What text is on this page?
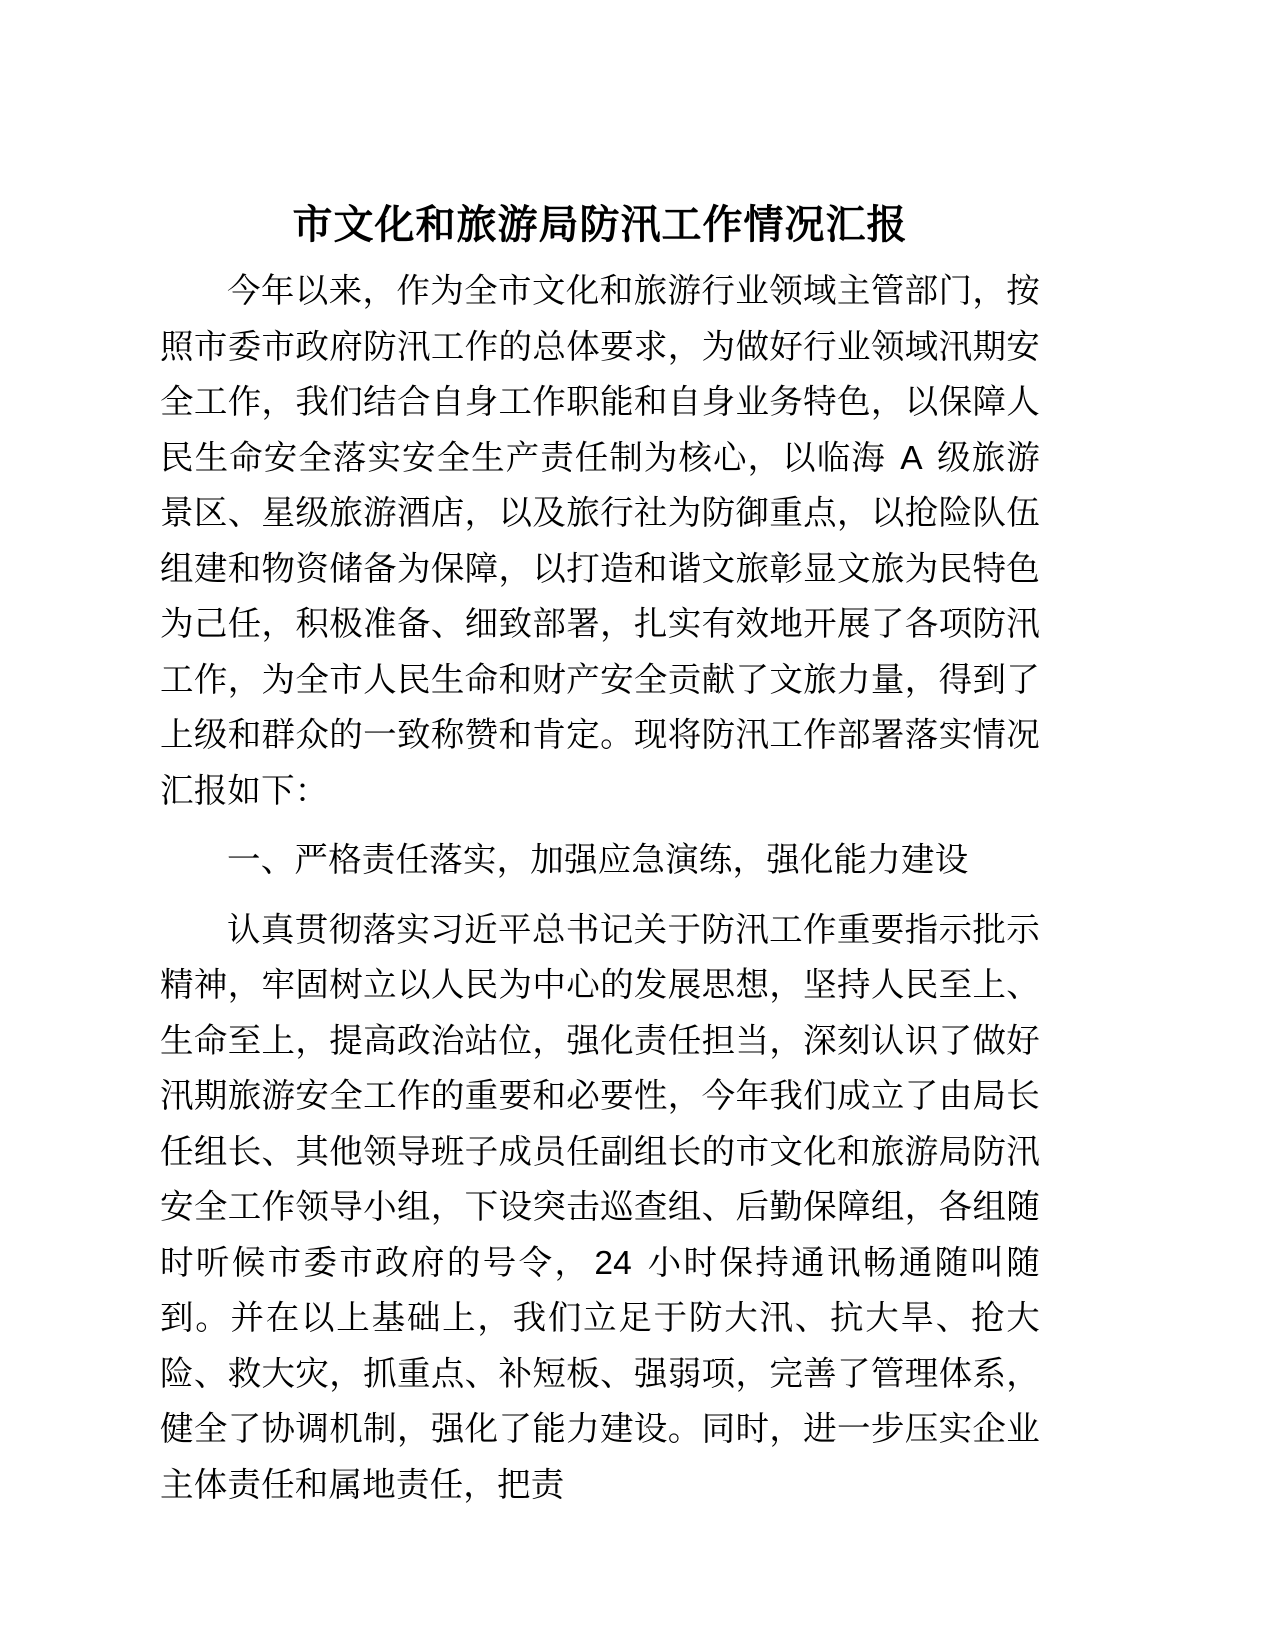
市文化和旅游局防汛工作情况汇报

今年以来，作为全市文化和旅游行业领域主管部门，按照市委市政府防汛工作的总体要求，为做好行业领域汛期安全工作，我们结合自身工作职能和自身业务特色，以保障人民生命安全落实安全生产责任制为核心，以临海 A 级旅游景区、星级旅游酒店，以及旅行社为防御重点，以抢险队伍组建和物资储备为保障，以打造和谐文旅彰显文旅为民特色为己任，积极准备、细致部署，扎实有效地开展了各项防汛工作，为全市人民生命和财产安全贡献了文旅力量，得到了上级和群众的一致称赞和肯定。现将防汛工作部署落实情况汇报如下：

一、严格责任落实，加强应急演练，强化能力建设

认真贯彻落实习近平总书记关于防汛工作重要指示批示精神，牢固树立以人民为中心的发展思想，坚持人民至上、生命至上，提高政治站位，强化责任担当，深刻认识了做好汛期旅游安全工作的重要和必要性，今年我们成立了由局长任组长、其他领导班子成员任副组长的市文化和旅游局防汛安全工作领导小组，下设突击巡查组、后勤保障组，各组随时听候市委市政府的号令， 24 小时保持通讯畅通随叫随到。并在以上基础上，我们立足于防大汛、抗大旱、抢大险、救大灾，抓重点、补短板、强弱项，完善了管理体系，健全了协调机制，强化了能力建设。同时，进一步压实企业主体责任和属地责任，把责
